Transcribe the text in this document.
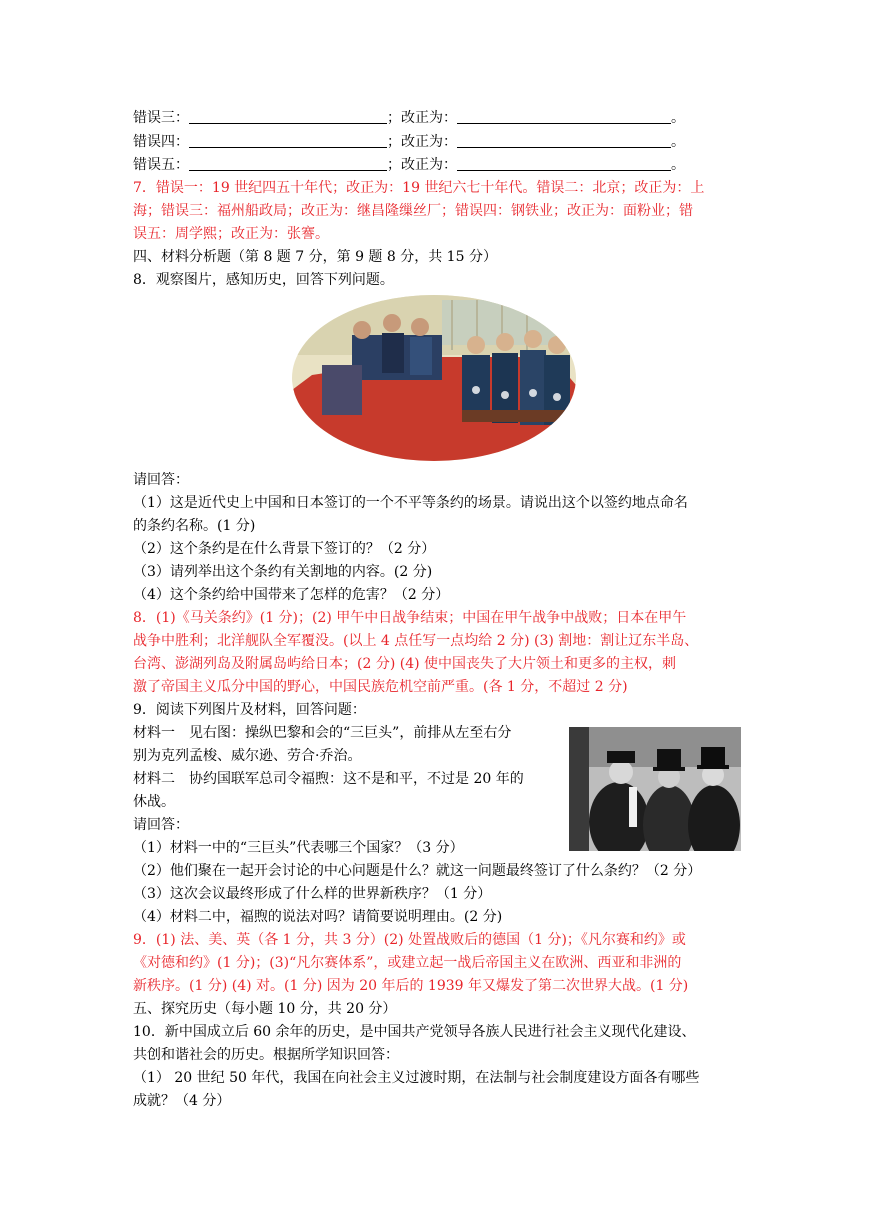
错误三：	；改正为：	。
错误四：	；改正为：	。
错误五：	；改正为：	。
7．错误一：19 世纪四五十年代；改正为：19 世纪六七十年代。错误二：北京；改正为：上
海；错误三：福州船政局；改正为：继昌隆缫丝厂；错误四：钢铁业；改正为：面粉业；错
误五：周学熙；改正为：张謇。
四、材料分析题（第 8 题 7 分，第 9 题 8 分，共 15 分）
8．观察图片，感知历史，回答下列问题。
请回答：
（1）这是近代史上中国和日本签订的一个不平等条约的场景。请说出这个以签约地点命名
的条约名称。(1 分)
（2）这个条约是在什么背景下签订的？（2 分）
（3）请列举出这个条约有关割地的内容。(2 分)
（4）这个条约给中国带来了怎样的危害？（2 分）
8．(1)《马关条约》(1 分)；(2) 甲午中日战争结束；中国在甲午战争中战败；日本在甲午
战争中胜利；北洋舰队全军覆没。(以上 4 点任写一点均给 2 分) (3) 割地：割让辽东半岛、
台湾、澎湖列岛及附属岛屿给日本；(2 分) (4) 使中国丧失了大片领土和更多的主权，刺
激了帝国主义瓜分中国的野心，中国民族危机空前严重。(各 1 分，不超过 2 分)
9．阅读下列图片及材料，回答问题：
材料一　见右图：操纵巴黎和会的“三巨头”，前排从左至右分
别为克列孟梭、威尔逊、劳合·乔治。
材料二　协约国联军总司令福煦：这不是和平，不过是 20 年的
休战。
请回答：
（1）材料一中的“三巨头”代表哪三个国家？（3 分）
（2）他们聚在一起开会讨论的中心问题是什么？就这一问题最终签订了什么条约？（2 分）
（3）这次会议最终形成了什么样的世界新秩序？（1 分）
（4）材料二中，福煦的说法对吗？请简要说明理由。(2 分)
9．(1) 法、美、英（各 1 分，共 3 分）(2) 处置战败后的德国（1 分)；《凡尔赛和约》或
《对德和约》(1 分)；(3)“凡尔赛体系”，或建立起一战后帝国主义在欧洲、西亚和非洲的
新秩序。(1 分) (4) 对。(1 分) 因为 20 年后的 1939 年又爆发了第二次世界大战。(1 分)
五、探究历史（每小题 10 分，共 20 分）
10．新中国成立后 60 余年的历史，是中国共产党领导各族人民进行社会主义现代化建设、
共创和谐社会的历史。根据所学知识回答：
（1） 20 世纪 50 年代，我国在向社会主义过渡时期，在法制与社会制度建设方面各有哪些
成就？（4 分）
